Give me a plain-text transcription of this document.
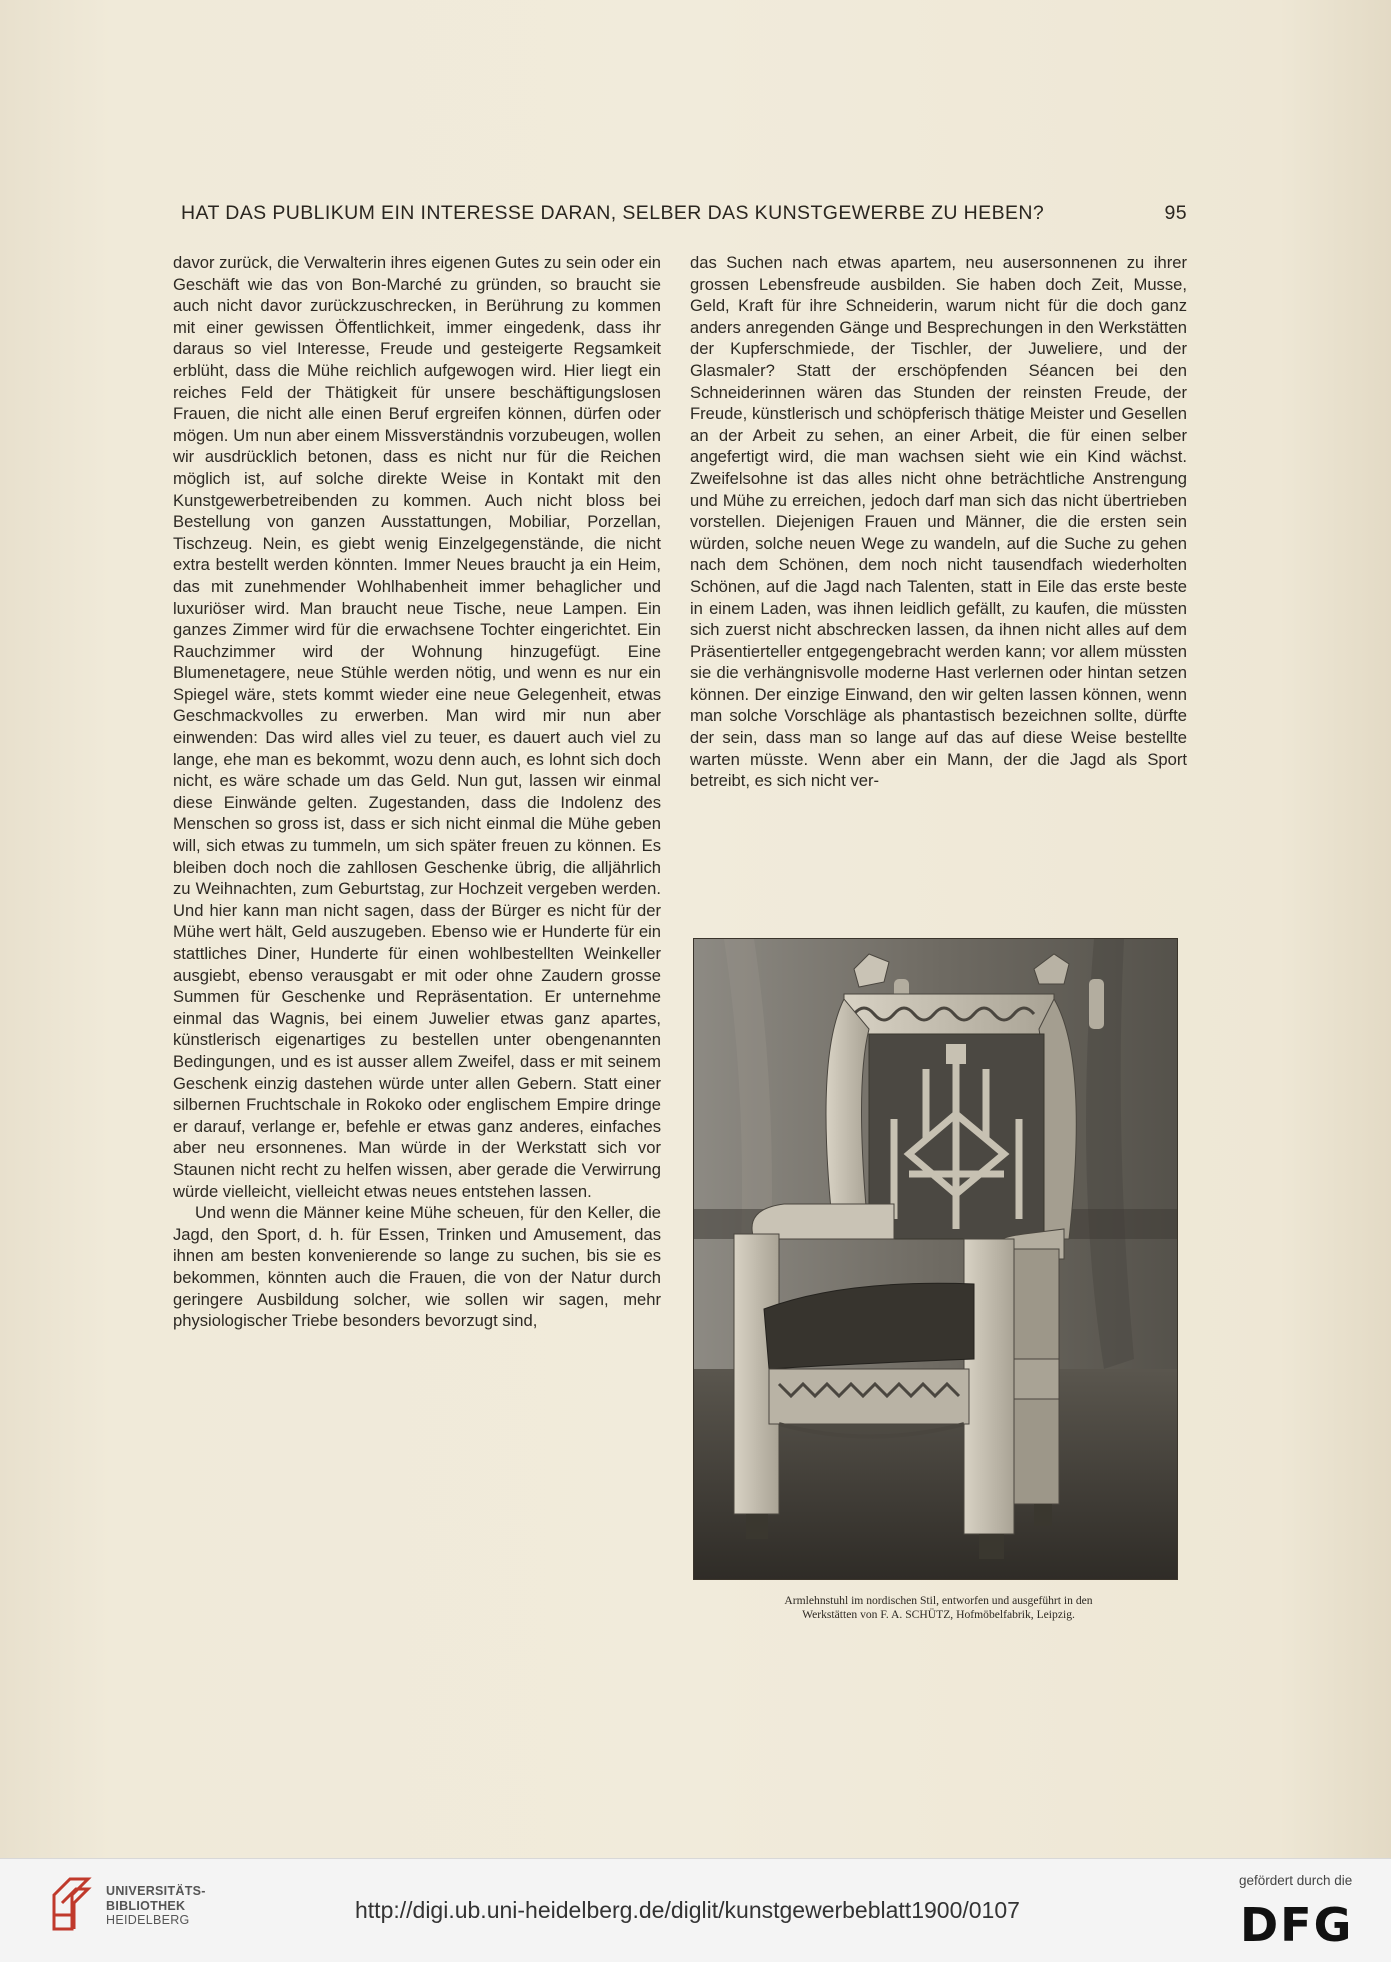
HAT DAS PUBLIKUM EIN INTERESSE DARAN, SELBER DAS KUNSTGEWERBE ZU HEBEN?	95

davor zurück, die Verwalterin ihres eigenen Gutes zu sein oder ein Geschäft wie das von Bon-Marché zu gründen, so braucht sie auch nicht davor zurückzuschrecken, in Berührung zu kommen mit einer gewissen Öffentlichkeit, immer eingedenk, dass ihr daraus so viel Interesse, Freude und gesteigerte Regsamkeit erblüht, dass die Mühe reichlich aufgewogen wird. Hier liegt ein reiches Feld der Thätigkeit für unsere beschäftigungslosen Frauen, die nicht alle einen Beruf ergreifen können, dürfen oder mögen. Um nun aber einem Missverständnis vorzubeugen, wollen wir ausdrücklich betonen, dass es nicht nur für die Reichen möglich ist, auf solche direkte Weise in Kontakt mit den Kunstgewerbetreibenden zu kommen. Auch nicht bloss bei Bestellung von ganzen Ausstattungen, Mobiliar, Porzellan, Tischzeug. Nein, es giebt wenig Einzelgegenstände, die nicht extra bestellt werden könnten. Immer Neues braucht ja ein Heim, das mit zunehmender Wohlhabenheit immer behaglicher und luxuriöser wird. Man braucht neue Tische, neue Lampen. Ein ganzes Zimmer wird für die erwachsene Tochter eingerichtet. Ein Rauchzimmer wird der Wohnung hinzugefügt. Eine Blumenetagere, neue Stühle werden nötig, und wenn es nur ein Spiegel wäre, stets kommt wieder eine neue Gelegenheit, etwas Geschmackvolles zu erwerben. Man wird mir nun aber einwenden: Das wird alles viel zu teuer, es dauert auch viel zu lange, ehe man es bekommt, wozu denn auch, es lohnt sich doch nicht, es wäre schade um das Geld. Nun gut, lassen wir einmal diese Einwände gelten. Zugestanden, dass die Indolenz des Menschen so gross ist, dass er sich nicht einmal die Mühe geben will, sich etwas zu tummeln, um sich später freuen zu können. Es bleiben doch noch die zahllosen Geschenke übrig, die alljährlich zu Weihnachten, zum Geburtstag, zur Hochzeit vergeben werden. Und hier kann man nicht sagen, dass der Bürger es nicht für der Mühe wert hält, Geld auszugeben. Ebenso wie er Hunderte für ein stattliches Diner, Hunderte für einen wohlbestellten Weinkeller ausgiebt, ebenso verausgabt er mit oder ohne Zaudern grosse Summen für Geschenke und Repräsentation. Er unternehme einmal das Wagnis, bei einem Juwelier etwas ganz apartes, künstlerisch eigenartiges zu bestellen unter obengenannten Bedingungen, und es ist ausser allem Zweifel, dass er mit seinem Geschenk einzig dastehen würde unter allen Gebern. Statt einer silbernen Fruchtschale in Rokoko oder englischem Empire dringe er darauf, verlange er, befehle er etwas ganz anderes, einfaches aber neu ersonnenes. Man würde in der Werkstatt sich vor Staunen nicht recht zu helfen wissen, aber gerade die Verwirrung würde vielleicht, vielleicht etwas neues entstehen lassen.

Und wenn die Männer keine Mühe scheuen, für den Keller, die Jagd, den Sport, d. h. für Essen, Trinken und Amusement, das ihnen am besten konvenierende so lange zu suchen, bis sie es bekommen, könnten auch die Frauen, die von der Natur durch geringere Ausbildung solcher, wie sollen wir sagen, mehr physiologischer Triebe besonders bevorzugt sind,

das Suchen nach etwas apartem, neu ausersonnenen zu ihrer grossen Lebensfreude ausbilden. Sie haben doch Zeit, Musse, Geld, Kraft für ihre Schneiderin, warum nicht für die doch ganz anders anregenden Gänge und Besprechungen in den Werkstätten der Kupferschmiede, der Tischler, der Juweliere, und der Glasmaler? Statt der erschöpfenden Séancen bei den Schneiderinnen wären das Stunden der reinsten Freude, der Freude, künstlerisch und schöpferisch thätige Meister und Gesellen an der Arbeit zu sehen, an einer Arbeit, die für einen selber angefertigt wird, die man wachsen sieht wie ein Kind wächst. Zweifelsohne ist das alles nicht ohne beträchtliche Anstrengung und Mühe zu erreichen, jedoch darf man sich das nicht übertrieben vorstellen. Diejenigen Frauen und Männer, die die ersten sein würden, solche neuen Wege zu wandeln, auf die Suche zu gehen nach dem Schönen, dem noch nicht tausendfach wiederholten Schönen, auf die Jagd nach Talenten, statt in Eile das erste beste in einem Laden, was ihnen leidlich gefällt, zu kaufen, die müssten sich zuerst nicht abschrecken lassen, da ihnen nicht alles auf dem Präsentierteller entgegengebracht werden kann; vor allem müssten sie die verhängnisvolle moderne Hast verlernen oder hintan setzen können. Der einzige Einwand, den wir gelten lassen können, wenn man solche Vorschläge als phantastisch bezeichnen sollte, dürfte der sein, dass man so lange auf das auf diese Weise bestellte warten müsste. Wenn aber ein Mann, der die Jagd als Sport betreibt, es sich nicht ver-

Armlehnstuhl im nordischen Stil, entworfen und ausgeführt in den
Werkstätten von F. A. SCHÜTZ, Hofmöbelfabrik, Leipzig.
UNIVERSITÄTS-
BIBLIOTHEK
HEIDELBERG	http://digi.ub.uni-heidelberg.de/diglit/kunstgewerbeblatt1900/0107
gefördert durch die
DFG
